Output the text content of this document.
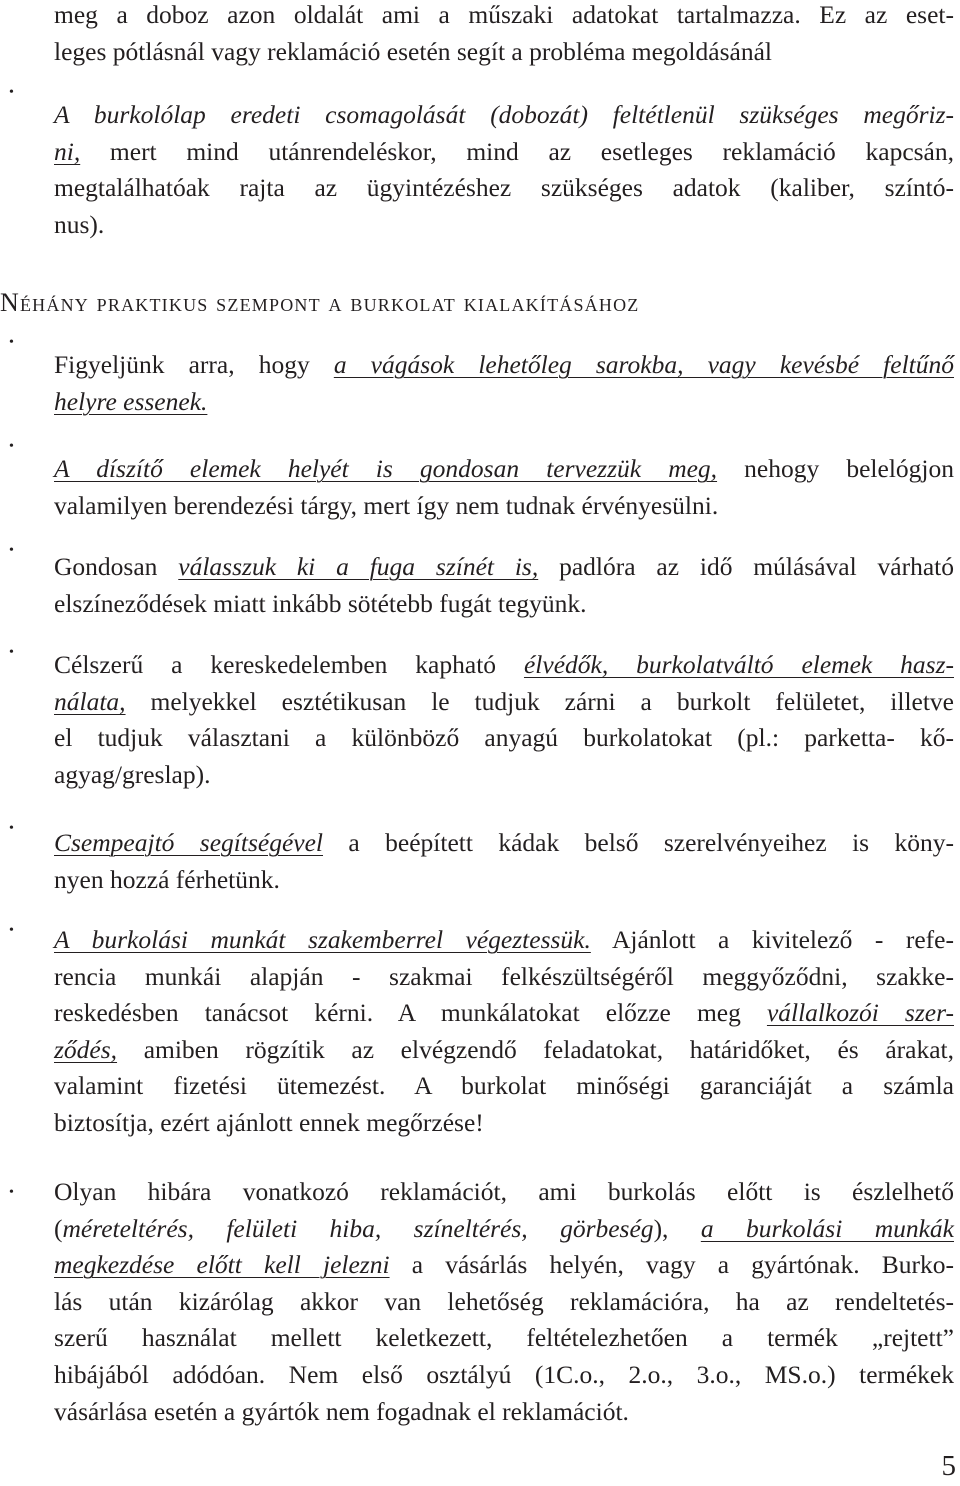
meg a doboz azon oldalát ami a műszaki adatokat tartalmazza. Ez az eset-
leges pótlásnál vagy reklamáció esetén segít a probléma megoldásánál
•
A burkolólap eredeti csomagolását (dobozát) feltétlenül szükséges megőriz-
ni, mert mind utánrendeléskor, mind az esetleges reklamáció kapcsán,
megtalálhatóak rajta az ügyintézéshez szükséges adatok (kaliber, színtó-
nus).
Néhány praktikus szempont a burkolat kialakításához
•
Figyeljünk arra, hogy a vágások lehetőleg sarokba, vagy kevésbé feltűnő
helyre essenek.
•
A díszítő elemek helyét is gondosan tervezzük meg, nehogy belelógjon
valamilyen berendezési tárgy, mert így nem tudnak érvényesülni.
•
Gondosan válasszuk ki a fuga színét is, padlóra az idő múlásával várható
elszíneződések miatt inkább sötétebb fugát tegyünk.
• Célszerű a kereskedelemben kapható élvédők, burkolatváltó elemek hasz-
nálata, melyekkel esztétikusan le tudjuk zárni a burkolt felületet, illetve
el tudjuk választani a különböző anyagú burkolatokat (pl.: parketta- kő-
agyag/greslap).
• Csempeajtó segítségével a beépített kádak belső szerelvényeihez is köny-
nyen hozzá férhetünk.
• A burkolási munkát szakemberrel végeztessük. Ajánlott a kivitelező - refe-
rencia munkái alapján - szakmai felkészültségéről meggyőződni, szakke-
reskedésben tanácsot kérni. A munkálatokat előzze meg vállalkozói szer-
ződés, amiben rögzítik az elvégzendő feladatokat, határidőket, és árakat,
valamint fizetési ütemezést. A burkolat minőségi garanciáját a számla
biztosítja, ezért ajánlott ennek megőrzése!
• Olyan hibára vonatkozó reklamációt, ami burkolás előtt is észlelhető
(méreteltérés, felületi hiba, színeltérés, görbeség), a burkolási munkák
megkezdése előtt kell jelezni a vásárlás helyén, vagy a gyártónak. Burko-
lás után kizárólag akkor van lehetőség reklamációra, ha az rendeltetés-
szerű használat mellett keletkezett, feltételezhetően a termék „rejtett”
hibájából adódóan. Nem első osztályú (1C.o., 2.o., 3.o., MS.o.) termékek
vásárlása esetén a gyártók nem fogadnak el reklamációt.
5
